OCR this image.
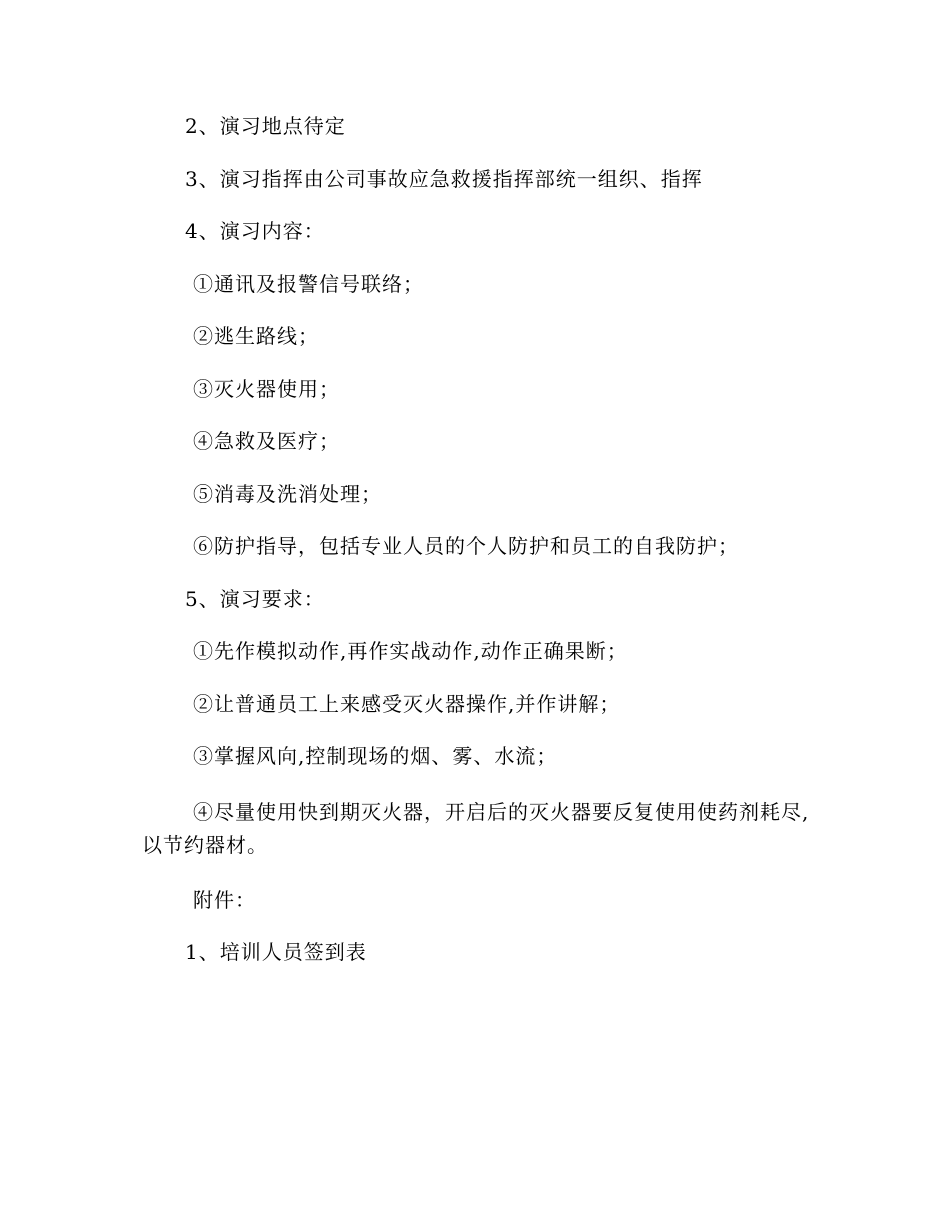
2、演习地点待定
3、演习指挥由公司事故应急救援指挥部统一组织、指挥
4、演习内容：
①通讯及报警信号联络；
②逃生路线；
③灭火器使用；
④急救及医疗；
⑤消毒及洗消处理；
⑥防护指导，包括专业人员的个人防护和员工的自我防护；
5、演习要求：
①先作模拟动作,再作实战动作,动作正确果断；
②让普通员工上来感受灭火器操作,并作讲解；
③掌握风向,控制现场的烟、雾、水流；
④尽量使用快到期灭火器，开启后的灭火器要反复使用使药剂耗尽,以节约器材。
附件：
1、培训人员签到表
